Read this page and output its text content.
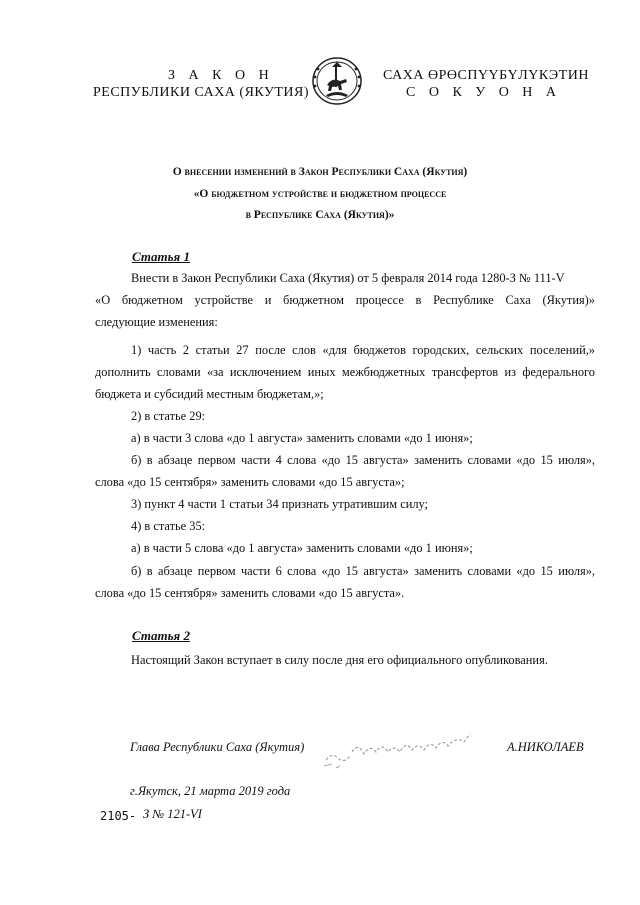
З А К О Н
РЕСПУБЛИКИ САХА (ЯКУТИЯ)
САХА ӨРӨСПҮҮБҮЛҮКЭТИН
С О К У О Н А
О внесении изменений в Закон Республики Саха (Якутия)
«О бюджетном устройстве и бюджетном процессе
в Республике Саха (Якутия)»
Статья 1
Внести в Закон Республики Саха (Якутия) от 5 февраля 2014 года 1280-З № 111-V
«О бюджетном устройстве и бюджетном процессе в Республике Саха (Якутия)»
следующие изменения:
1) часть 2 статьи 27 после слов «для бюджетов городских, сельских поселений,»
дополнить словами «за исключением иных межбюджетных трансфертов из федерального
бюджета и субсидий местным бюджетам,»;
2) в статье 29:
а) в части 3 слова «до 1 августа» заменить словами «до 1 июня»;
б) в абзаце первом части 4 слова «до 15 августа» заменить словами «до 15 июля»,
слова «до 15 сентября» заменить словами «до 15 августа»;
3) пункт 4 части 1 статьи 34 признать утратившим силу;
4) в статье 35:
а) в части 5 слова «до 1 августа» заменить словами «до 1 июня»;
б) в абзаце первом части 6 слова «до 15 августа» заменить словами «до 15 июля»,
слова «до 15 сентября» заменить словами «до 15 августа».
Статья 2
Настоящий Закон вступает в силу после дня его официального опубликования.
Глава Республики Саха (Якутия)	А.НИКОЛАЕВ
г.Якутск, 21 марта 2019 года
2105- З № 121-VI
